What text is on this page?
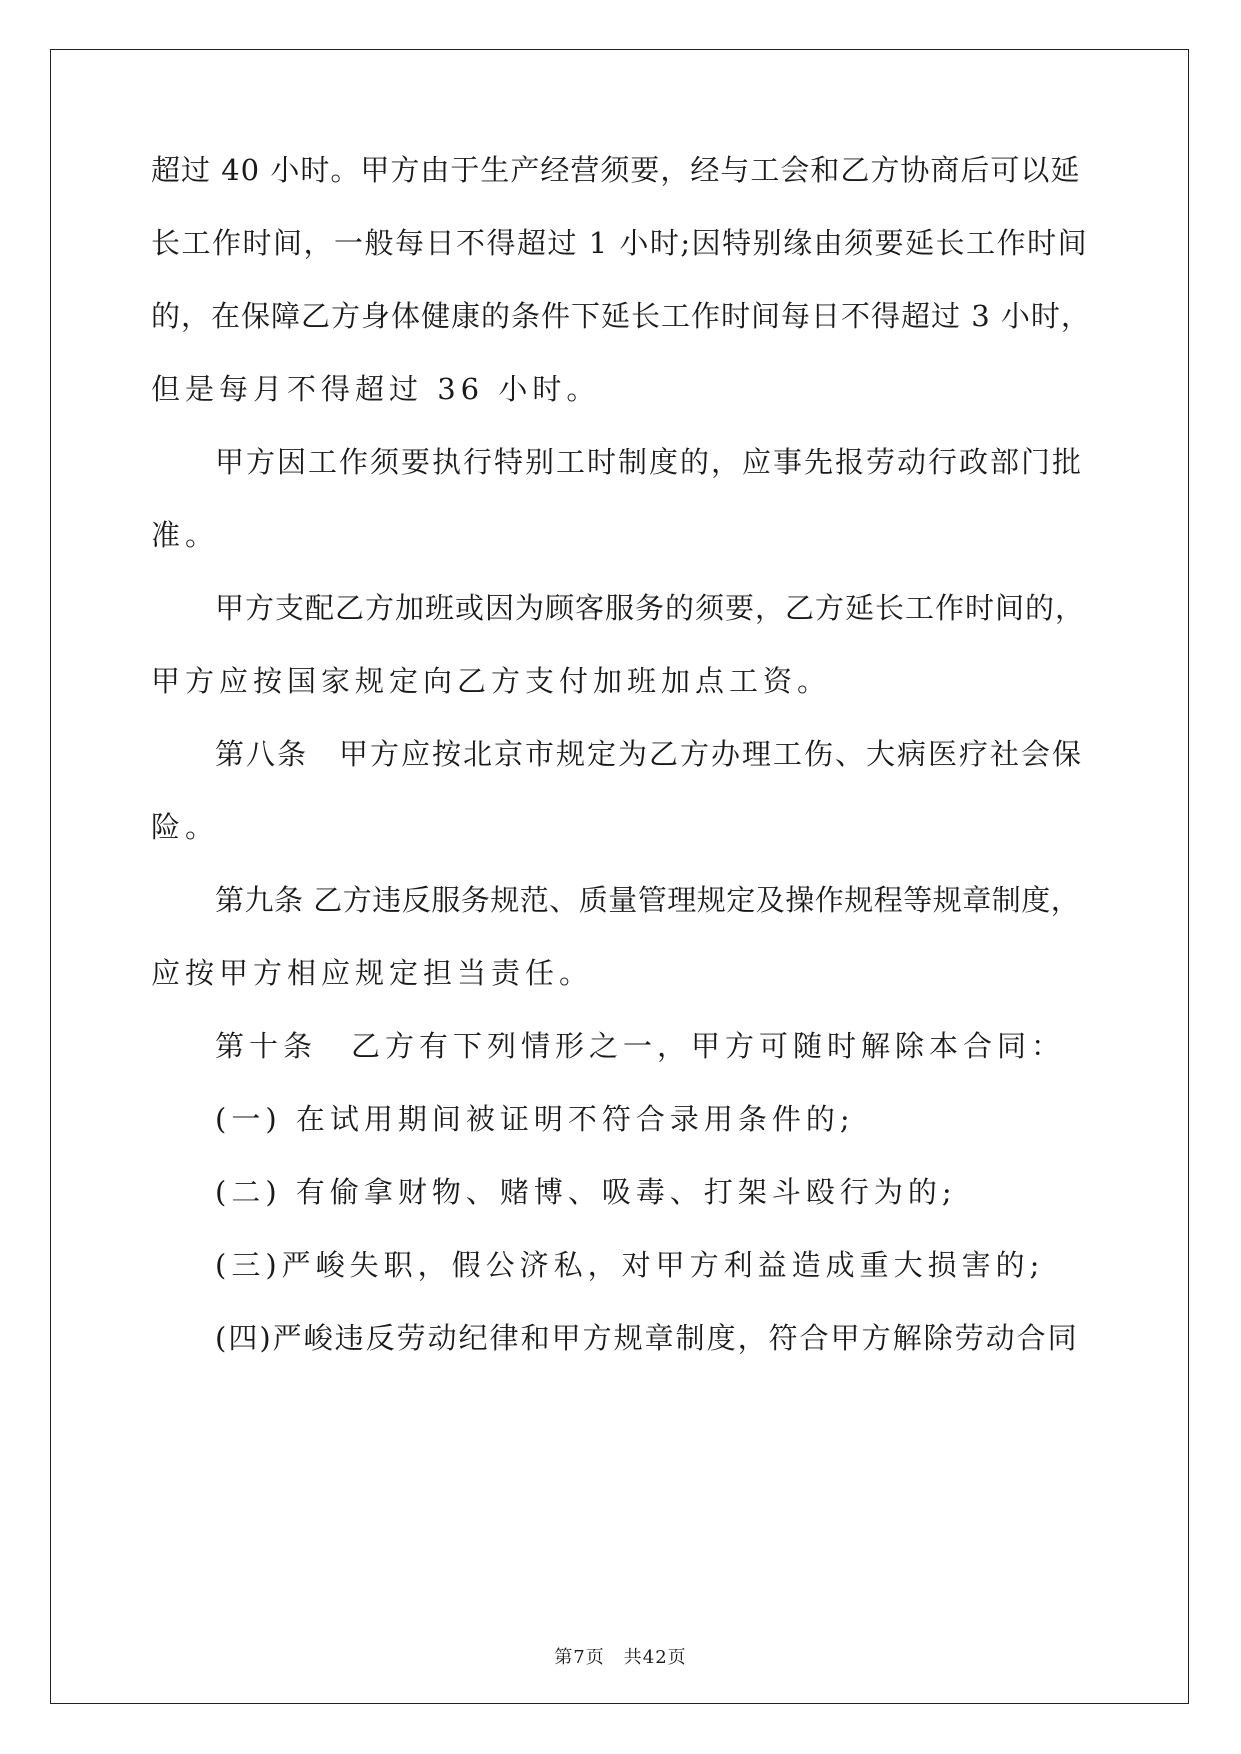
超过 40 小时。甲方由于生产经营须要，经与工会和乙方协商后可以延
长工作时间，一般每日不得超过 1 小时;因特别缘由须要延长工作时间
的，在保障乙方身体健康的条件下延长工作时间每日不得超过 3 小时，
但是每月不得超过 36 小时。
甲方因工作须要执行特别工时制度的，应事先报劳动行政部门批
准。
甲方支配乙方加班或因为顾客服务的须要，乙方延长工作时间的，
甲方应按国家规定向乙方支付加班加点工资。
第八条　甲方应按北京市规定为乙方办理工伤、大病医疗社会保
险。
第九条 乙方违反服务规范、质量管理规定及操作规程等规章制度，
应按甲方相应规定担当责任。
第十条　乙方有下列情形之一，甲方可随时解除本合同：
(一) 在试用期间被证明不符合录用条件的;
(二) 有偷拿财物、赌博、吸毒、打架斗殴行为的;
(三)严峻失职，假公济私，对甲方利益造成重大损害的;
(四)严峻违反劳动纪律和甲方规章制度，符合甲方解除劳动合同
第7页　共42页
